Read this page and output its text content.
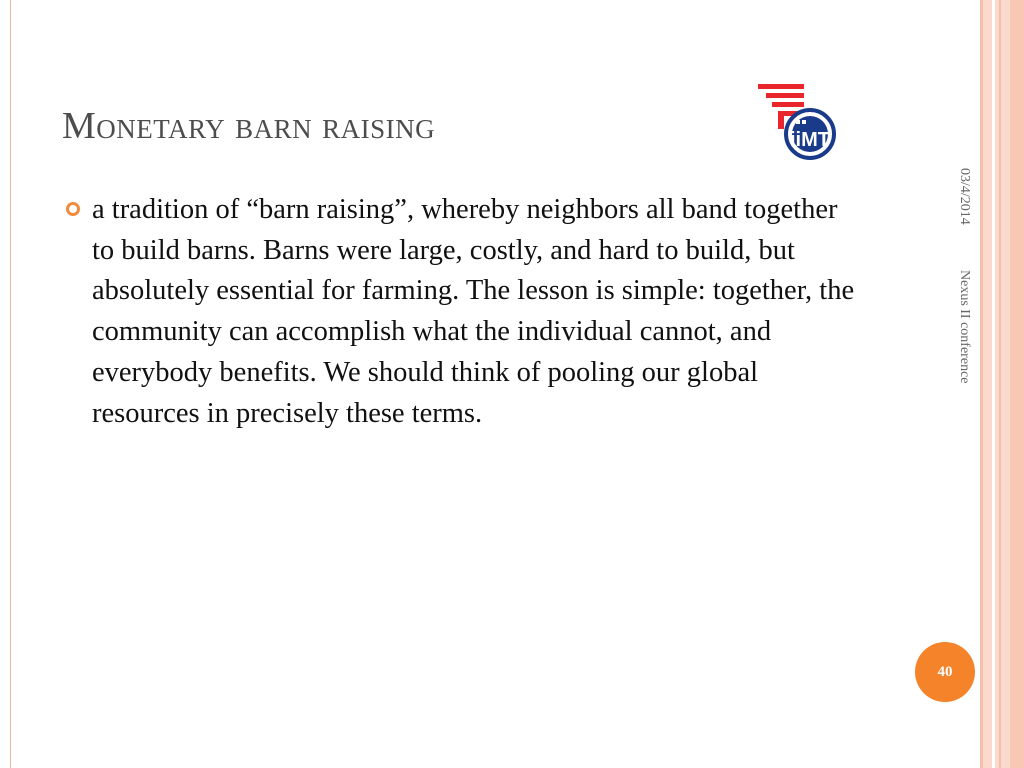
Monetary barn raising	iiMT

a tradition of “barn raising”, whereby neighbors all band together to build barns. Barns were large, costly, and hard to build, but absolutely essential for farming. The lesson is simple: together, the community can accomplish what the individual cannot, and everybody benefits. We should think of pooling our global resources in precisely these terms.

03/4/2014
Nexus II conference
40
